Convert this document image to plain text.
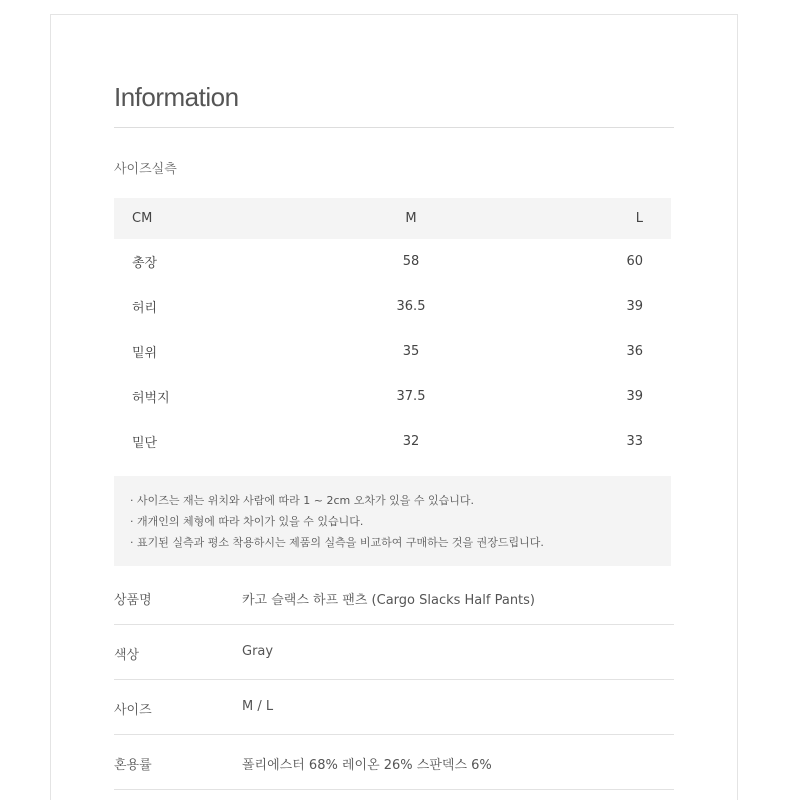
Information
사이즈실측
CM	M	L
총장	58	60
허리	36.5	39
밑위	35	36
허벅지	37.5	39
밑단	32	33
· 사이즈는 재는 위치와 사람에 따라 1 ~ 2cm 오차가 있을 수 있습니다.
· 개개인의 체형에 따라 차이가 있을 수 있습니다.
· 표기된 실측과 평소 착용하시는 제품의 실측을 비교하여 구매하는 것을 권장드립니다.
상품명	카고 슬랙스 하프 팬츠 (Cargo Slacks Half Pants)
색상	Gray
사이즈	M / L
혼용률	폴리에스터 68% 레이온 26% 스판덱스 6%
